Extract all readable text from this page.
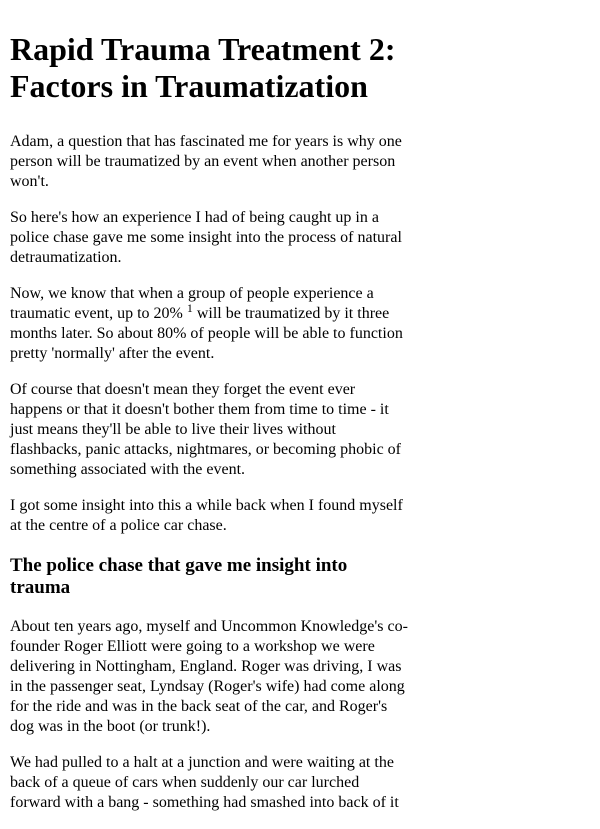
Rapid Trauma Treatment 2: Factors in Traumatization

Adam, a question that has fascinated me for years is why one person will be traumatized by an event when another person won't.

So here's how an experience I had of being caught up in a police chase gave me some insight into the process of natural detraumatization.

Now, we know that when a group of people experience a traumatic event, up to 20% $^1$ will be traumatized by it three months later. So about 80% of people will be able to function pretty 'normally' after the event.

Of course that doesn't mean they forget the event ever happens or that it doesn't bother them from time to time - it just means they'll be able to live their lives without flashbacks, panic attacks, nightmares, or becoming phobic of something associated with the event.

I got some insight into this a while back when I found myself at the centre of a police car chase.

The police chase that gave me insight into trauma

About ten years ago, myself and Uncommon Knowledge's co-founder Roger Elliott were going to a workshop we were delivering in Nottingham, England. Roger was driving, I was in the passenger seat, Lyndsay (Roger's wife) had come along for the ride and was in the back seat of the car, and Roger's dog was in the boot (or trunk!).

We had pulled to a halt at a junction and were waiting at the back of a queue of cars when suddenly our car lurched forward with a bang - something had smashed into back of it
